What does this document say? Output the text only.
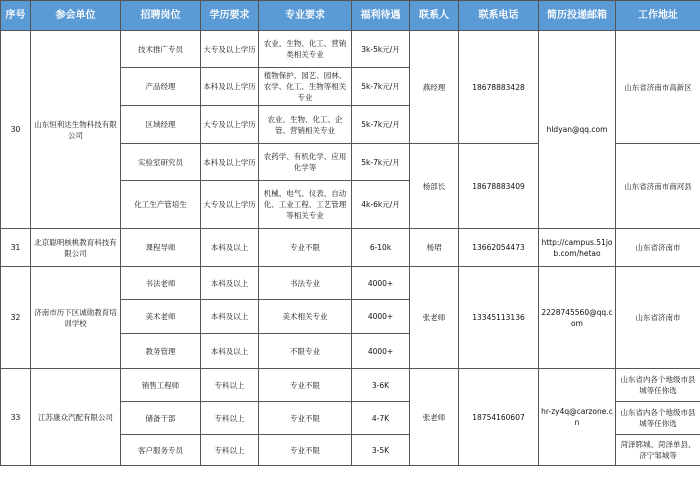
序号	参会单位	招聘岗位	学历要求	专业要求	福利待遇	联系人	联系电话	简历投递邮箱	工作地址
30	山东恒利达生物科技有限公司	技术推广专员	大专及以上学历	农业、生物、化工、营销类相关专业	3k-5k元/月	燕经理	18678883428	hldyan@qq.com	山东省济南市高新区
		产品经理	本科及以上学历	植物保护、园艺、园林、农学、化工、生物等相关专业	5k-7k元/月				
		区域经理	大专及以上学历	农业、生物、化工、企管、营销相关专业	5k-7k元/月				
		实验室研究员	本科及以上学历	农药学、有机化学、应用化学等	5k-7k元/月	杨部长	18678883409		山东省济南市商河县
		化工生产管培生	大专及以上学历	机械、电气、仪表、自动化、工业工程、工艺管理等相关专业	4k-6k元/月				
31	北京聪明核桃教育科技有限公司	课程导师	本科及以上	专业不限	6-10k	杨珺	13662054473	http://campus.51job.com/hetao	山东省济南市
32	济南市历下区诚勋教育培训学校	书法老师	本科及以上	书法专业	4000+	张老师	13345113136	2228745560@qq.com	山东省济南市
		美术老师	本科及以上	美术相关专业	4000+				
		教务管理	本科及以上	不限专业	4000+				
33	江苏康众汽配有限公司	销售工程师	专科以上	专业不限	3-6K	张老师	18754160607	hr-zy4q@carzone.cn	山东省内各个地级市县城等任你选
		储备干部	专科以上	专业不限	4-7K				山东省内各个地级市县城等任你选
		客户服务专员	专科以上	专业不限	3-5K				菏泽郓城、菏泽单县、济宁邹城等
